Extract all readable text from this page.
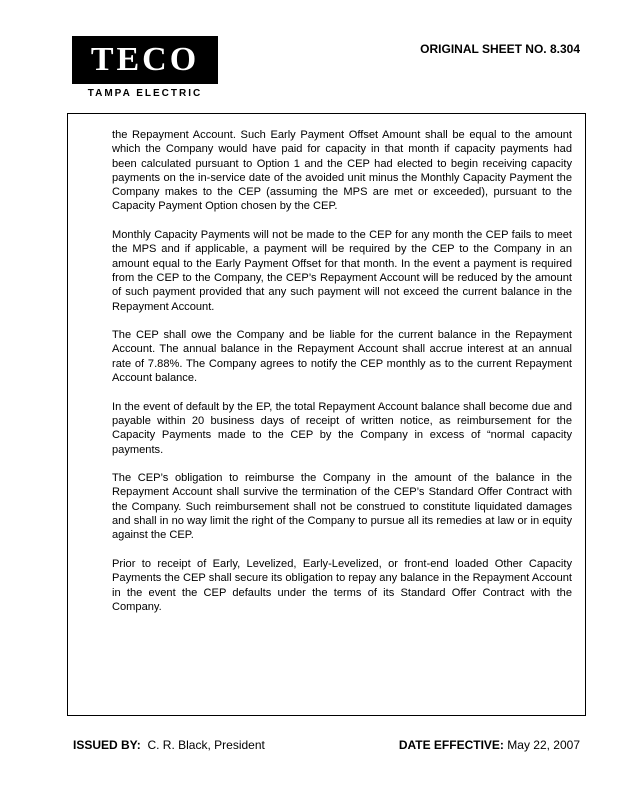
TECO
TAMPA ELECTRIC
ORIGINAL SHEET NO. 8.304

the Repayment Account. Such Early Payment Offset Amount shall be equal to the amount which the Company would have paid for capacity in that month if capacity payments had been calculated pursuant to Option 1 and the CEP had elected to begin receiving capacity payments on the in-service date of the avoided unit minus the Monthly Capacity Payment the Company makes to the CEP (assuming the MPS are met or exceeded), pursuant to the Capacity Payment Option chosen by the CEP.

Monthly Capacity Payments will not be made to the CEP for any month the CEP fails to meet the MPS and if applicable, a payment will be required by the CEP to the Company in an amount equal to the Early Payment Offset for that month. In the event a payment is required from the CEP to the Company, the CEP’s Repayment Account will be reduced by the amount of such payment provided that any such payment will not exceed the current balance in the Repayment Account.

The CEP shall owe the Company and be liable for the current balance in the Repayment Account. The annual balance in the Repayment Account shall accrue interest at an annual rate of 7.88%. The Company agrees to notify the CEP monthly as to the current Repayment Account balance.

In the event of default by the EP, the total Repayment Account balance shall become due and payable within 20 business days of receipt of written notice, as reimbursement for the Capacity Payments made to the CEP by the Company in excess of “normal capacity payments.

The CEP’s obligation to reimburse the Company in the amount of the balance in the Repayment Account shall survive the termination of the CEP’s Standard Offer Contract with the Company. Such reimbursement shall not be construed to constitute liquidated damages and shall in no way limit the right of the Company to pursue all its remedies at law or in equity against the CEP.

Prior to receipt of Early, Levelized, Early-Levelized, or front-end loaded Other Capacity Payments the CEP shall secure its obligation to repay any balance in the Repayment Account in the event the CEP defaults under the terms of its Standard Offer Contract with the Company.

ISSUED BY: C. R. Black, President	DATE EFFECTIVE: May 22, 2007
